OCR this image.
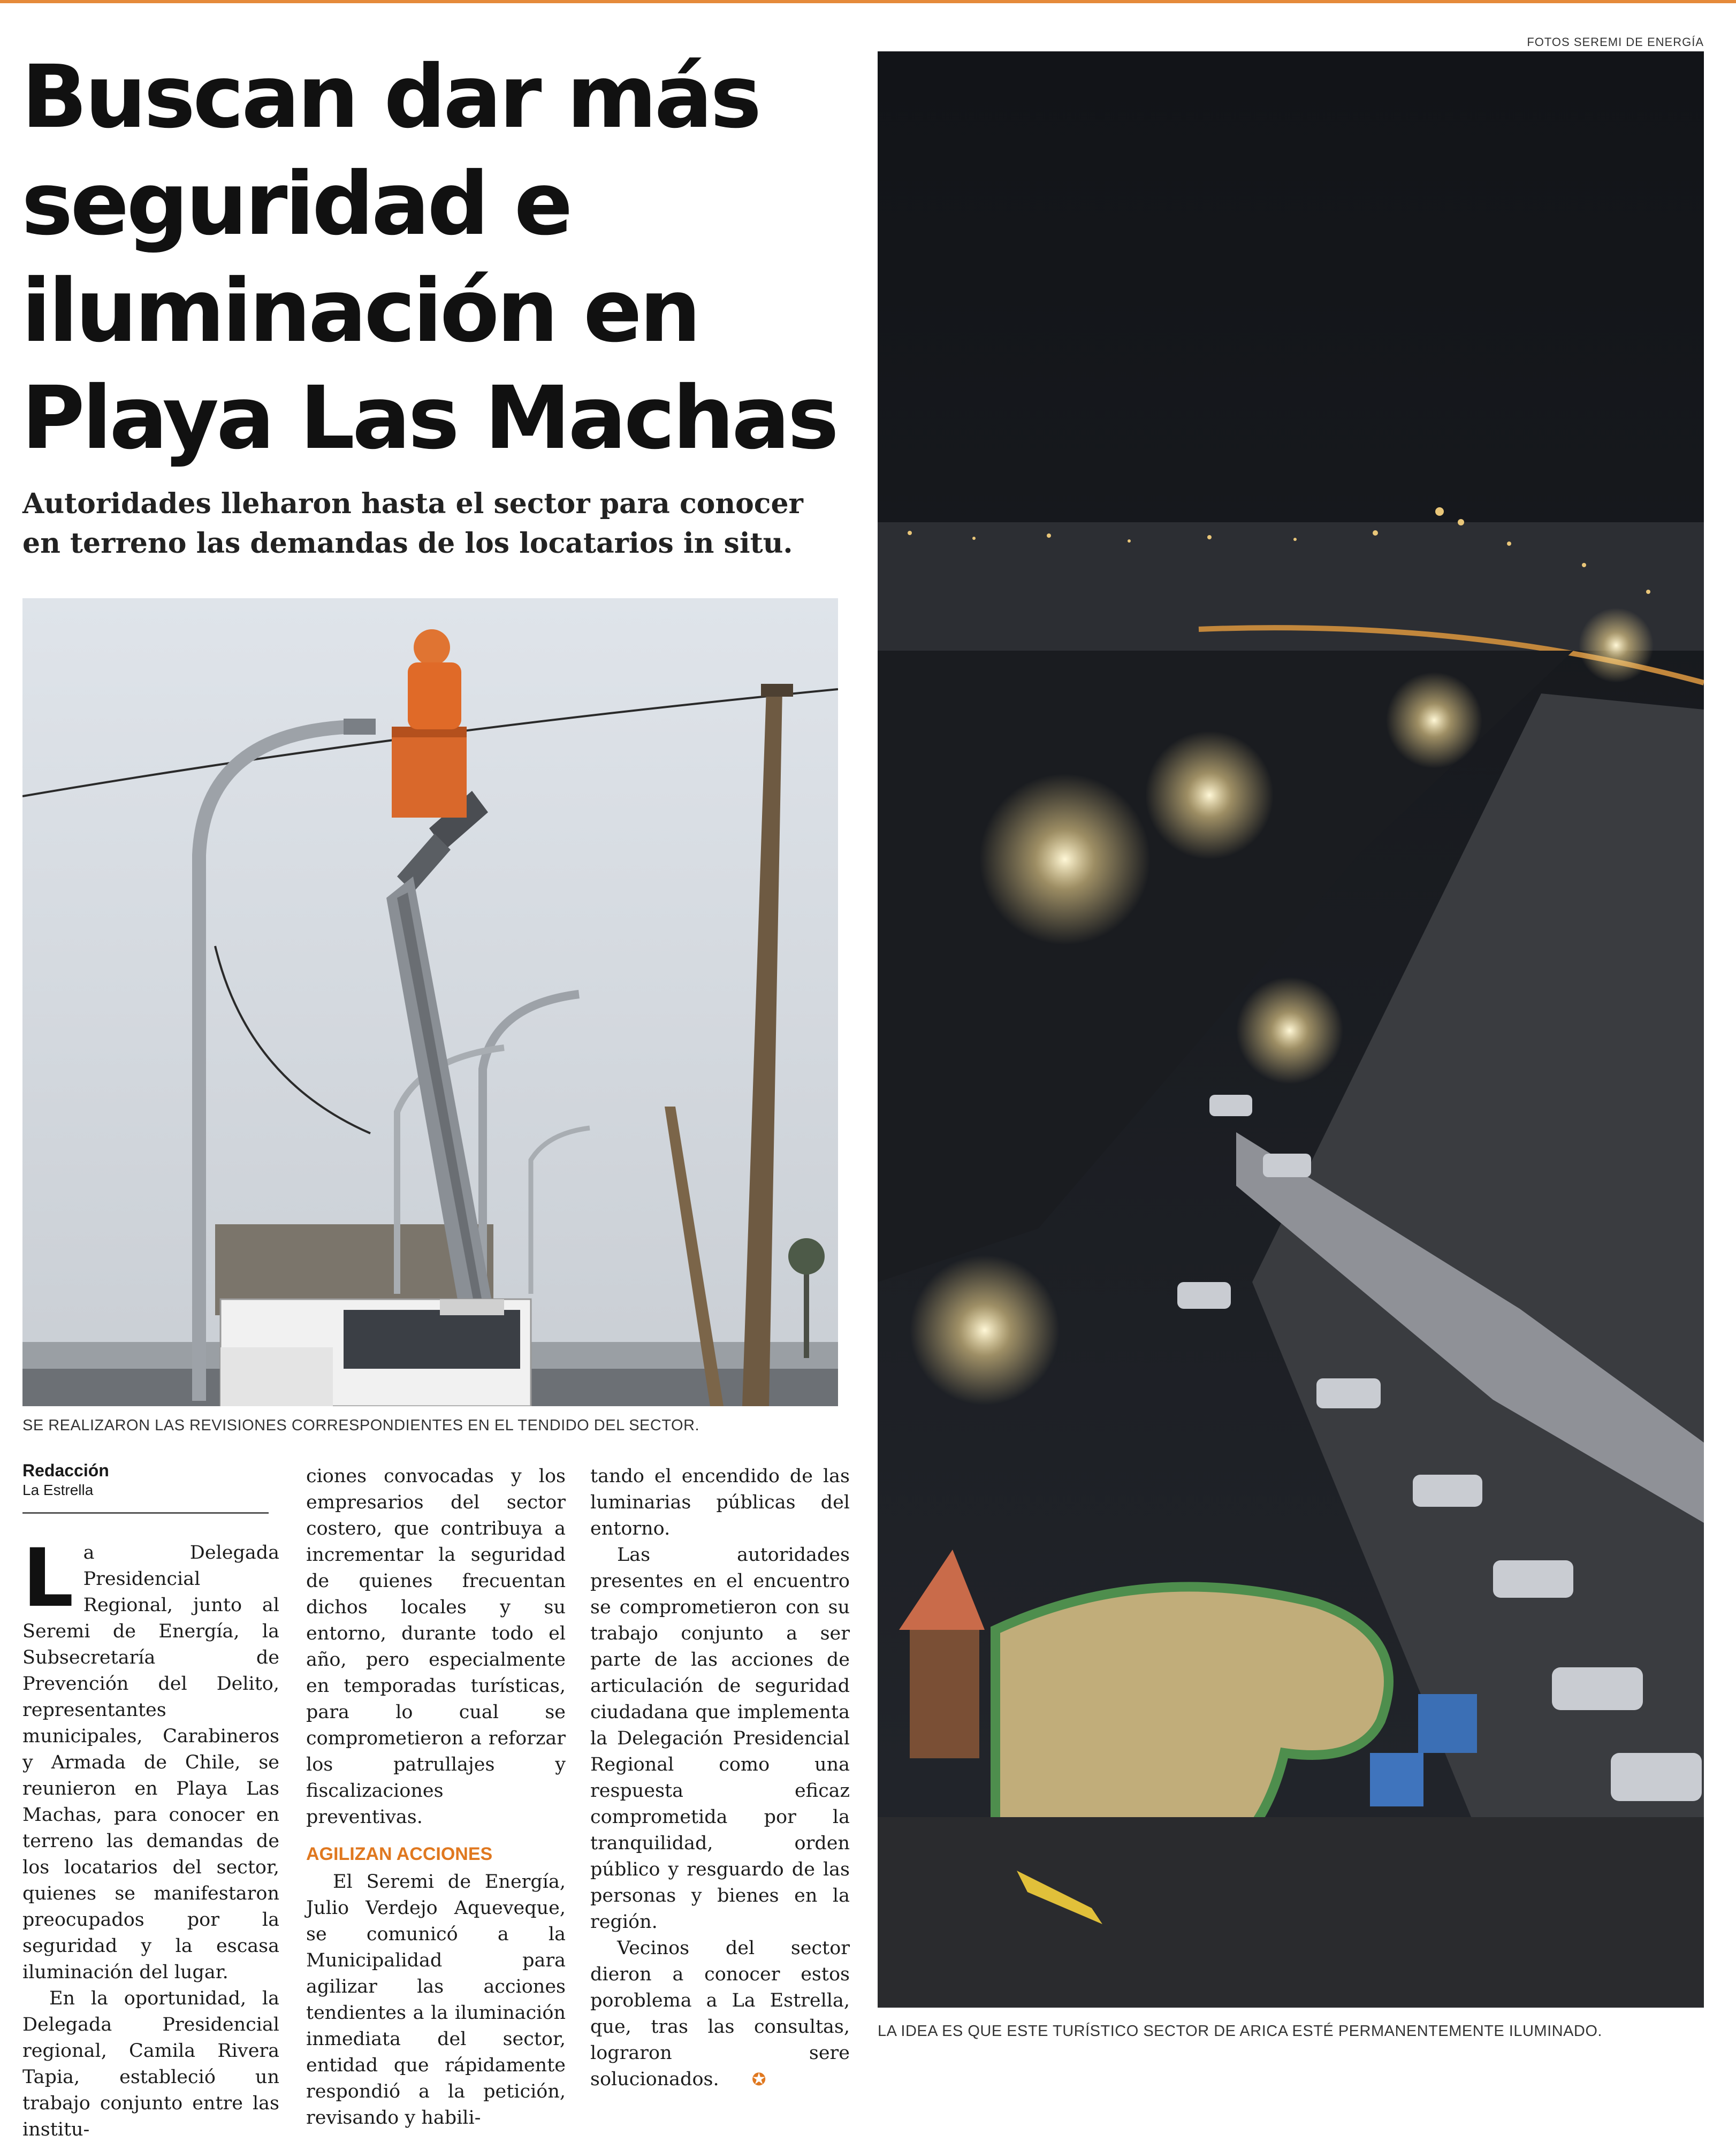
FOTOS SEREMI DE ENERGÍA
Buscan dar más
seguridad e
iluminación en
Playa Las Machas
Autoridades lleharon hasta el sector para conocer en terreno las demandas de los locatarios in situ.
SE REALIZARON LAS REVISIONES CORRESPONDIENTES EN EL TENDIDO DEL SECTOR.
LA IDEA ES QUE ESTE TURÍSTICO SECTOR DE ARICA ESTÉ PERMANENTEMENTE ILUMINADO.
Redacción
La Estrella

La Delegada Presidencial Regional, junto al Seremi de Energía, la Subsecretaría de Prevención del Delito, representantes municipales, Carabineros y Armada de Chile, se reunieron en Playa Las Machas, para conocer en terreno las demandas de los locatarios del sector, quienes se manifestaron preocupados por la seguridad y la escasa iluminación del lugar.

En la oportunidad, la Delegada Presidencial regional, Camila Rivera Tapia, estableció un trabajo conjunto entre las institu-

ciones convocadas y los empresarios del sector costero, que contribuya a incrementar la seguridad de quienes frecuentan dichos locales y su entorno, durante todo el año, pero especialmente en temporadas turísticas, para lo cual se comprometieron a reforzar los patrullajes y fiscalizaciones preventivas.

AGILIZAN ACCIONES

El Seremi de Energía, Julio Verdejo Aqueveque, se comunicó a la Municipalidad para agilizar las acciones tendientes a la iluminación inmediata del sector, entidad que rápidamente respondió a la petición, revisando y habili-

tando el encendido de las luminarias públicas del entorno.

Las autoridades presentes en el encuentro se comprometieron con su trabajo conjunto a ser parte de las acciones de articulación de seguridad ciudadana que implementa la Delegación Presidencial Regional como una respuesta eficaz comprometida por la tranquilidad, orden público y resguardo de las personas y bienes en la región.

Vecinos del sector dieron a conocer estos poroblema a La Estrella, que, tras las consultas, lograron sere solucionados. ✪
